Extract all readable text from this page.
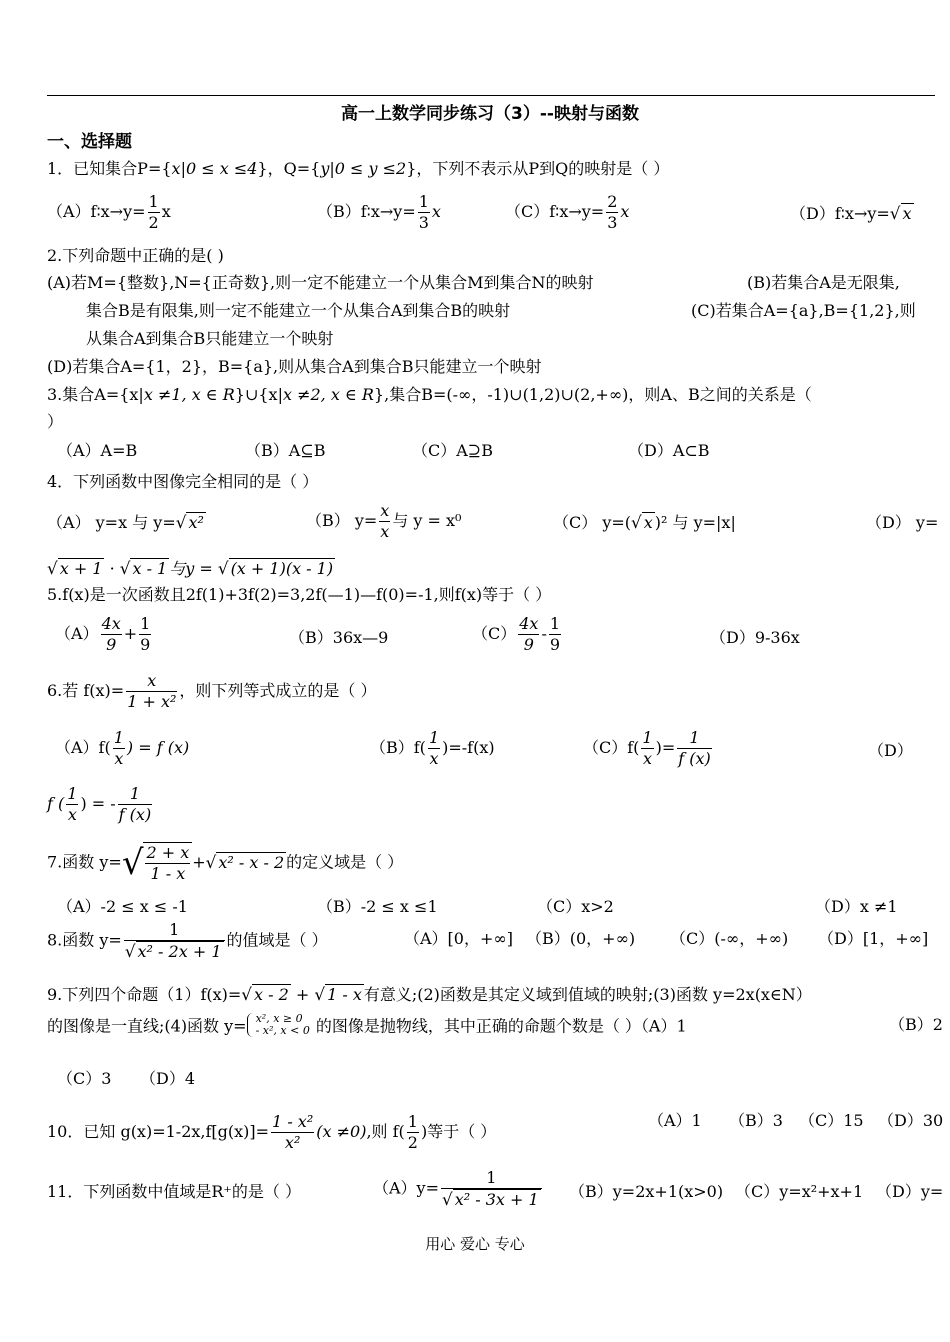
高一上数学同步练习（3）--映射与函数
一、选择题
1．已知集合P={x|0 ≤ x ≤4}，Q={y|0 ≤ y ≤2}，下列不表示从P到Q的映射是（ ）
（A）f∶x→y= $\frac{1}{2}$ x	（B）f∶x→y= $\frac{1}{3}$ x	（C）f∶x→y= $\frac{2}{3}$ x	（D）f∶x→y=√ x
2.下列命题中正确的是( )
(A)若M={整数},N={正奇数},则一定不能建立一个从集合M到集合N的映射	(B)若集合A是无限集,
集合B是有限集,则一定不能建立一个从集合A到集合B的映射	(C)若集合A={a},B={1,2},则
从集合A到集合B只能建立一个映射
(D)若集合A={1，2}，B={a},则从集合A到集合B只能建立一个映射
3.集合A={x|x ≠1, x ∈ R}∪{x|x ≠2, x ∈ R},集合B=(-∞，-1)∪(1,2)∪(2,+∞)，则A、B之间的关系是（
）
（A）A=B	（B）A⊆B	（C）A⊇B	（D）A⊂B
4．下列函数中图像完全相同的是（ ）
（A） y=x 与 y=√ x²	（B） $y= \frac{x}{x}$ 与 y = x⁰	（C） y=(√ x )² 与 y=|x|	（D） y=
√ x + 1 · √ x - 1 与y = √ (x + 1)(x - 1)
5.f(x)是一次函数且2f(1)+3f(2)=3,2f(—1)—f(0)=-1,则f(x)等于（ ）
$(A) \frac{4x}{9} + \frac{1}{9}$	（B）36x—9	$(C) \frac{4x}{9} - \frac{1}{9}$	（D）9-36x
6.若 $f(x)= \frac{x}{\text{1 + x²}}$ ，则下列等式成立的是（ ）
$(A)f( \frac{1}{x}$ ) = f (x)	$(B)f( \frac{1}{x} )=-f(x)$	$(C)f( \frac{1}{x}$ )= $\frac{1}{f (x)}$	（D）
f ( $\frac{1}{x}$ ) = - $\frac{1}{f (x)}$
7.函数 $y=√ \frac{2 + x}{1 - x}$ +√ x² - x - 2 的定义域是（ ）
（A）-2 ≤ x ≤ -1	（B）-2 ≤ x ≤1	（C）x>2	（D）x ≠1
8.函数 $y= \frac{1}{\text{√ x² - 2x + 1}}$ 的值域是（ ）	（A）[0，+∞] （B）(0，+∞) （C）(-∞，+∞) （D）[1，+∞]
9.下列四个命题（1）f(x)=√ x - 2 + √ 1 - x 有意义;(2)函数是其定义域到值域的映射;(3)函数 y=2x(x∈N）
的图像是一直线;(4)函数 y= x², x ≥ 0
- x², x < 0 的图像是抛物线，其中正确的命题个数是（ ）（A）1	（B）2
（C）3 （D）4
10．已知 $g(x)=1-2x,f[g(x)]= \frac{\text{1 - x²}}{\text{x²}} (x \ne 0)$,则 $f( \frac{1}{2}$ )等于（ ）
（A）1 （B）3 （C）15 （D）30
11．下列函数中值域是R⁺的是（ ）	$(A)y= \frac{1}{\text{√ x² - 3x + 1}} (B)y=2x+1(x>0)$ （C）y=x²+x+1 （D）y=
用心 爱心 专心
